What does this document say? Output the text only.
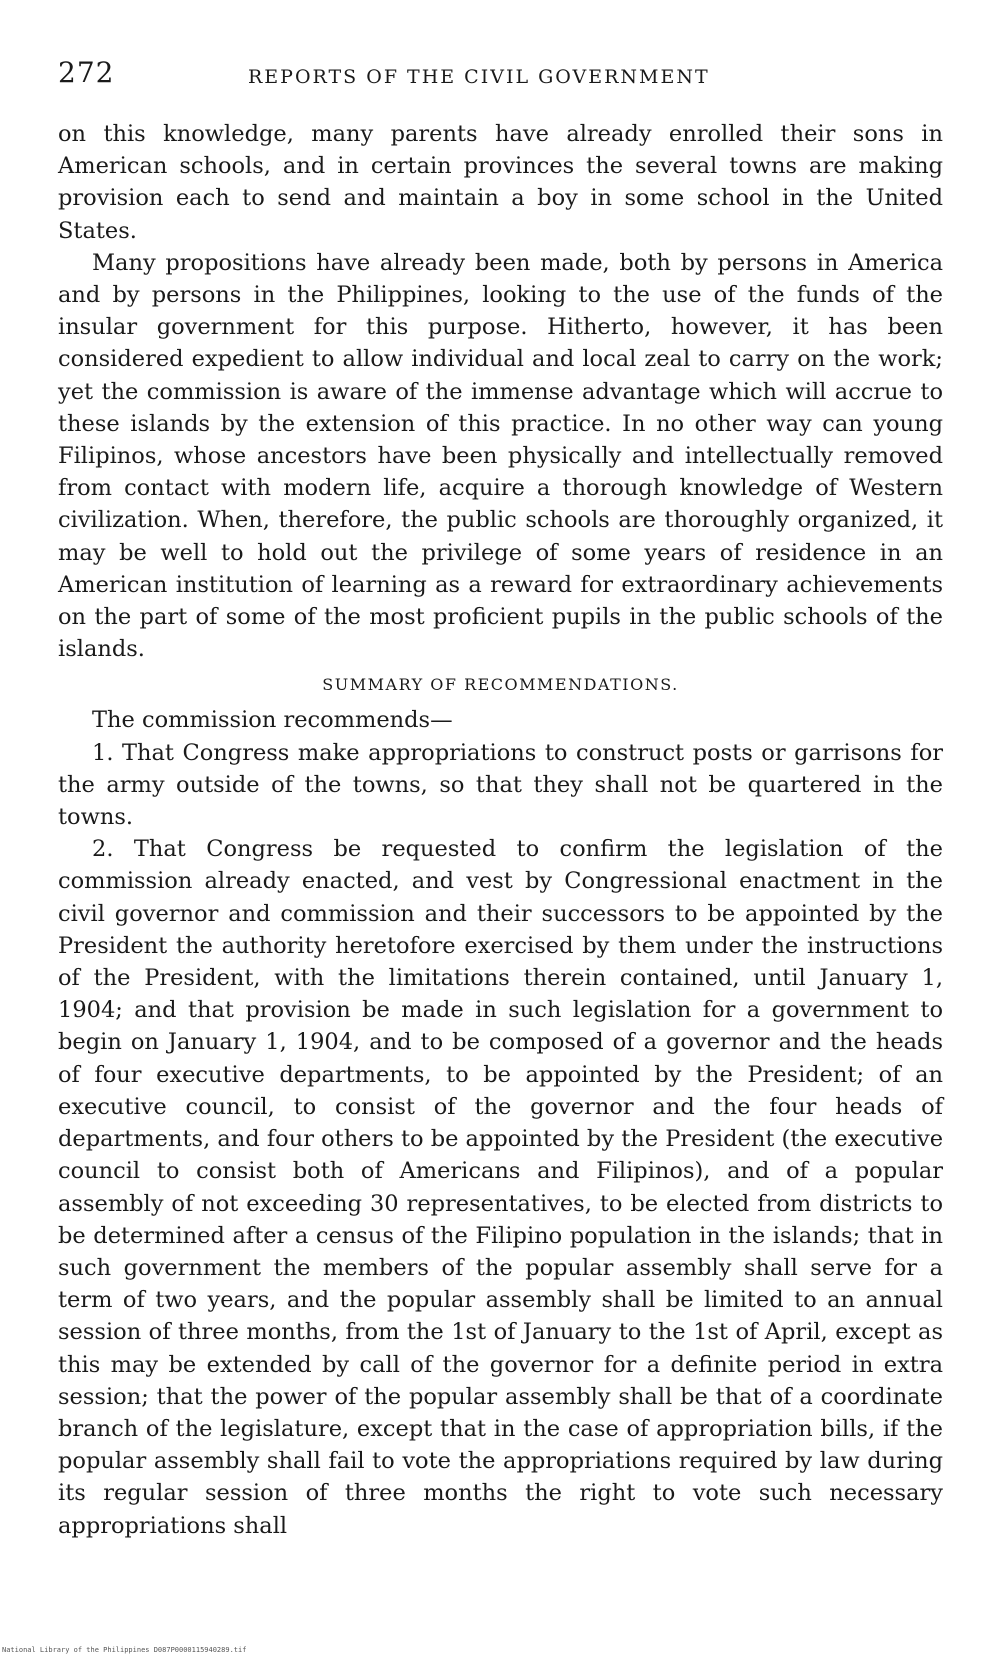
272	REPORTS OF THE CIVIL GOVERNMENT

on this knowledge, many parents have already enrolled their sons in American schools, and in certain provinces the several towns are making provision each to send and maintain a boy in some school in the United States.

Many propositions have already been made, both by persons in America and by persons in the Philippines, looking to the use of the funds of the insular government for this purpose. Hitherto, however, it has been considered expedient to allow individual and local zeal to carry on the work; yet the commission is aware of the immense advantage which will accrue to these islands by the extension of this practice. In no other way can young Filipinos, whose ancestors have been physically and intellectually removed from contact with modern life, acquire a thorough knowledge of Western civilization. When, therefore, the public schools are thoroughly organized, it may be well to hold out the privilege of some years of residence in an American institution of learning as a reward for extraordinary achievements on the part of some of the most proficient pupils in the public schools of the islands.

SUMMARY OF RECOMMENDATIONS.

The commission recommends—

1. That Congress make appropriations to construct posts or garrisons for the army outside of the towns, so that they shall not be quartered in the towns.

2. That Congress be requested to confirm the legislation of the commission already enacted, and vest by Congressional enactment in the civil governor and commission and their successors to be appointed by the President the authority heretofore exercised by them under the instructions of the President, with the limitations therein contained, until January 1, 1904; and that provision be made in such legislation for a government to begin on January 1, 1904, and to be composed of a governor and the heads of four executive departments, to be appointed by the President; of an executive council, to consist of the governor and the four heads of departments, and four others to be appointed by the President (the executive council to consist both of Americans and Filipinos), and of a popular assembly of not exceeding 30 representatives, to be elected from districts to be determined after a census of the Filipino population in the islands; that in such government the members of the popular assembly shall serve for a term of two years, and the popular assembly shall be limited to an annual session of three months, from the 1st of January to the 1st of April, except as this may be extended by call of the governor for a definite period in extra session; that the power of the popular assembly shall be that of a coordinate branch of the legislature, except that in the case of appropriation bills, if the popular assembly shall fail to vote the appropriations required by law during its regular session of three months the right to vote such necessary appropriations shall

National Library of the Philippines D087P0000115940289.tif
